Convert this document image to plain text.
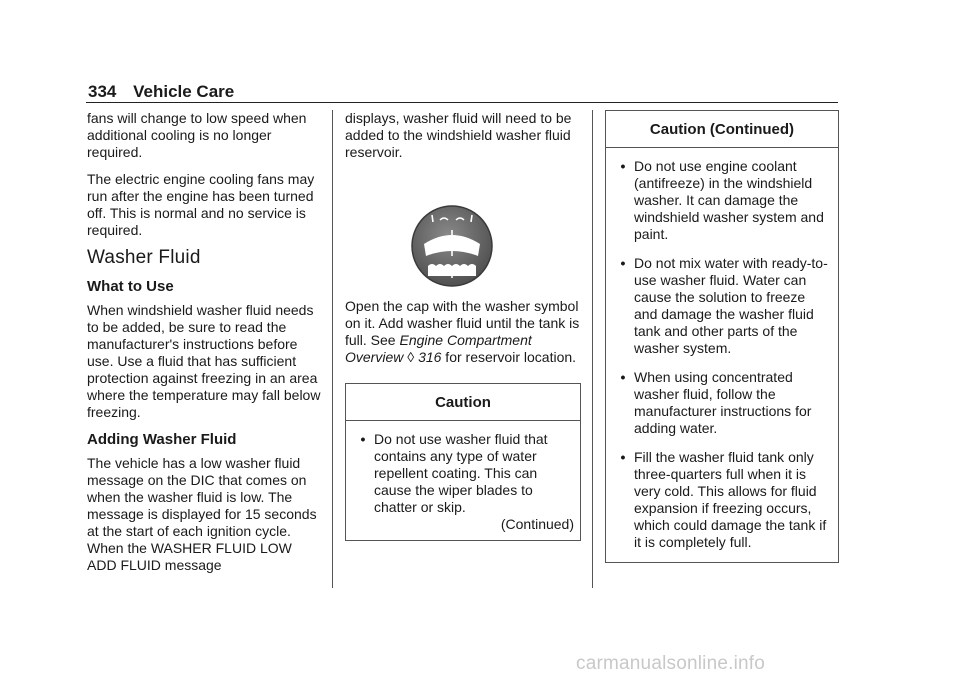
334 Vehicle Care

fans will change to low speed when additional cooling is no longer required.

The electric engine cooling fans may run after the engine has been turned off. This is normal and no service is required.

Washer Fluid
What to Use

When windshield washer fluid needs to be added, be sure to read the manufacturer's instructions before use. Use a fluid that has sufficient protection against freezing in an area where the temperature may fall below freezing.

Adding Washer Fluid

The vehicle has a low washer fluid message on the DIC that comes on when the washer fluid is low. The message is displayed for 15 seconds at the start of each ignition cycle. When the WASHER FLUID LOW ADD FLUID message

displays, washer fluid will need to be added to the windshield washer fluid reservoir.

Open the cap with the washer symbol on it. Add washer fluid until the tank is full. See Engine Compartment Overview ◊ 316 for reservoir location.

Caution
• Do not use washer fluid that contains any type of water repellent coating. This can cause the wiper blades to chatter or skip.
(Continued)
Caution (Continued)
• Do not use engine coolant (antifreeze) in the windshield washer. It can damage the windshield washer system and paint.
• Do not mix water with ready-to-use washer fluid. Water can cause the solution to freeze and damage the washer fluid tank and other parts of the washer system.
• When using concentrated washer fluid, follow the manufacturer instructions for adding water.
• Fill the washer fluid tank only three-quarters full when it is very cold. This allows for fluid expansion if freezing occurs, which could damage the tank if it is completely full.
carmanualsonline.info
